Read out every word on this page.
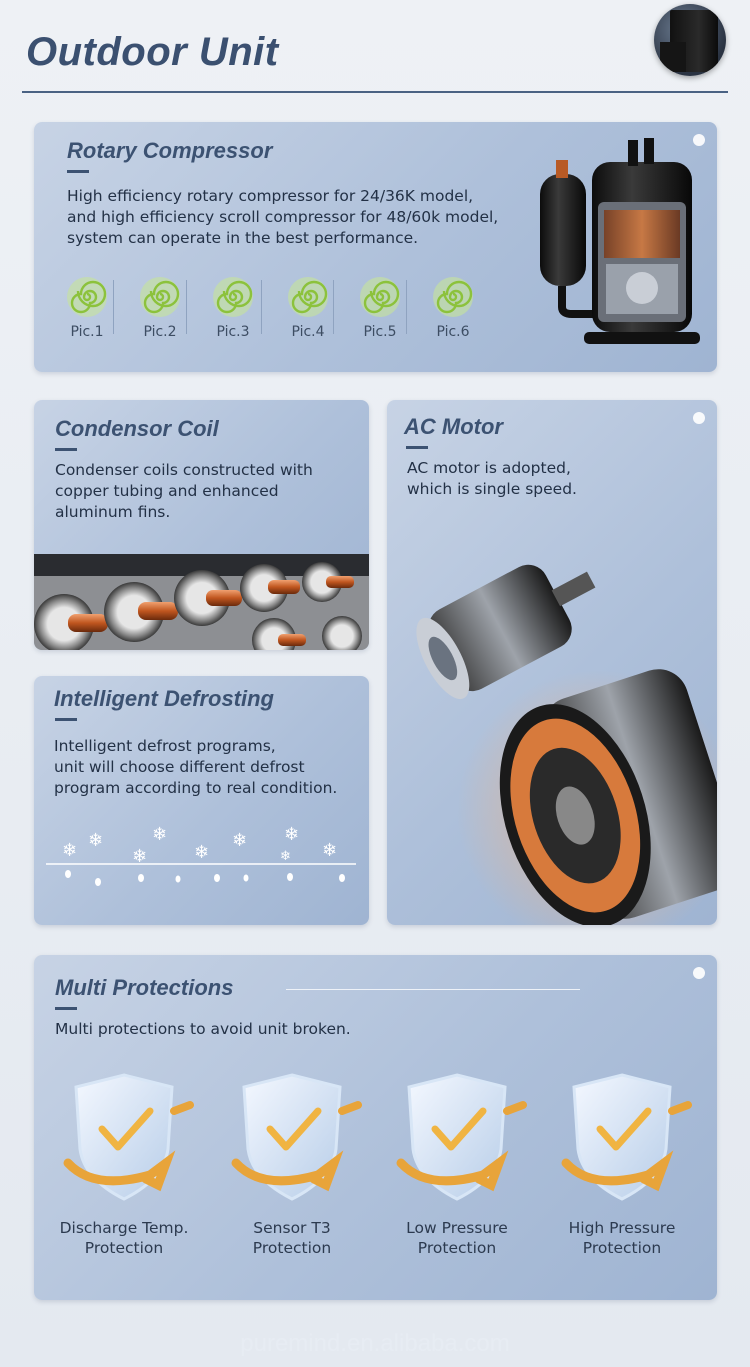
Outdoor Unit
Rotary Compressor
High efficiency rotary compressor for 24/36K model,
and high efficiency scroll compressor for 48/60k model,
system can operate in the best performance.
Pic.1	Pic.2	Pic.3	Pic.4	Pic.5	Pic.6
Condensor Coil
Condenser coils constructed with
copper tubing and enhanced
aluminum fins.
AC Motor
AC motor is adopted,
which is single speed.
Intelligent Defrosting
Intelligent defrost programs,
unit will choose different defrost
program according to real condition.
❄ ❄
❄
❄
❄
❄ ❄
❄ ❄
Multi Protections
Multi protections to avoid unit broken.
Discharge Temp.
Protection
Sensor T3
Protection
Low Pressure
Protection
High Pressure
Protection
puremind.en.alibaba.com
